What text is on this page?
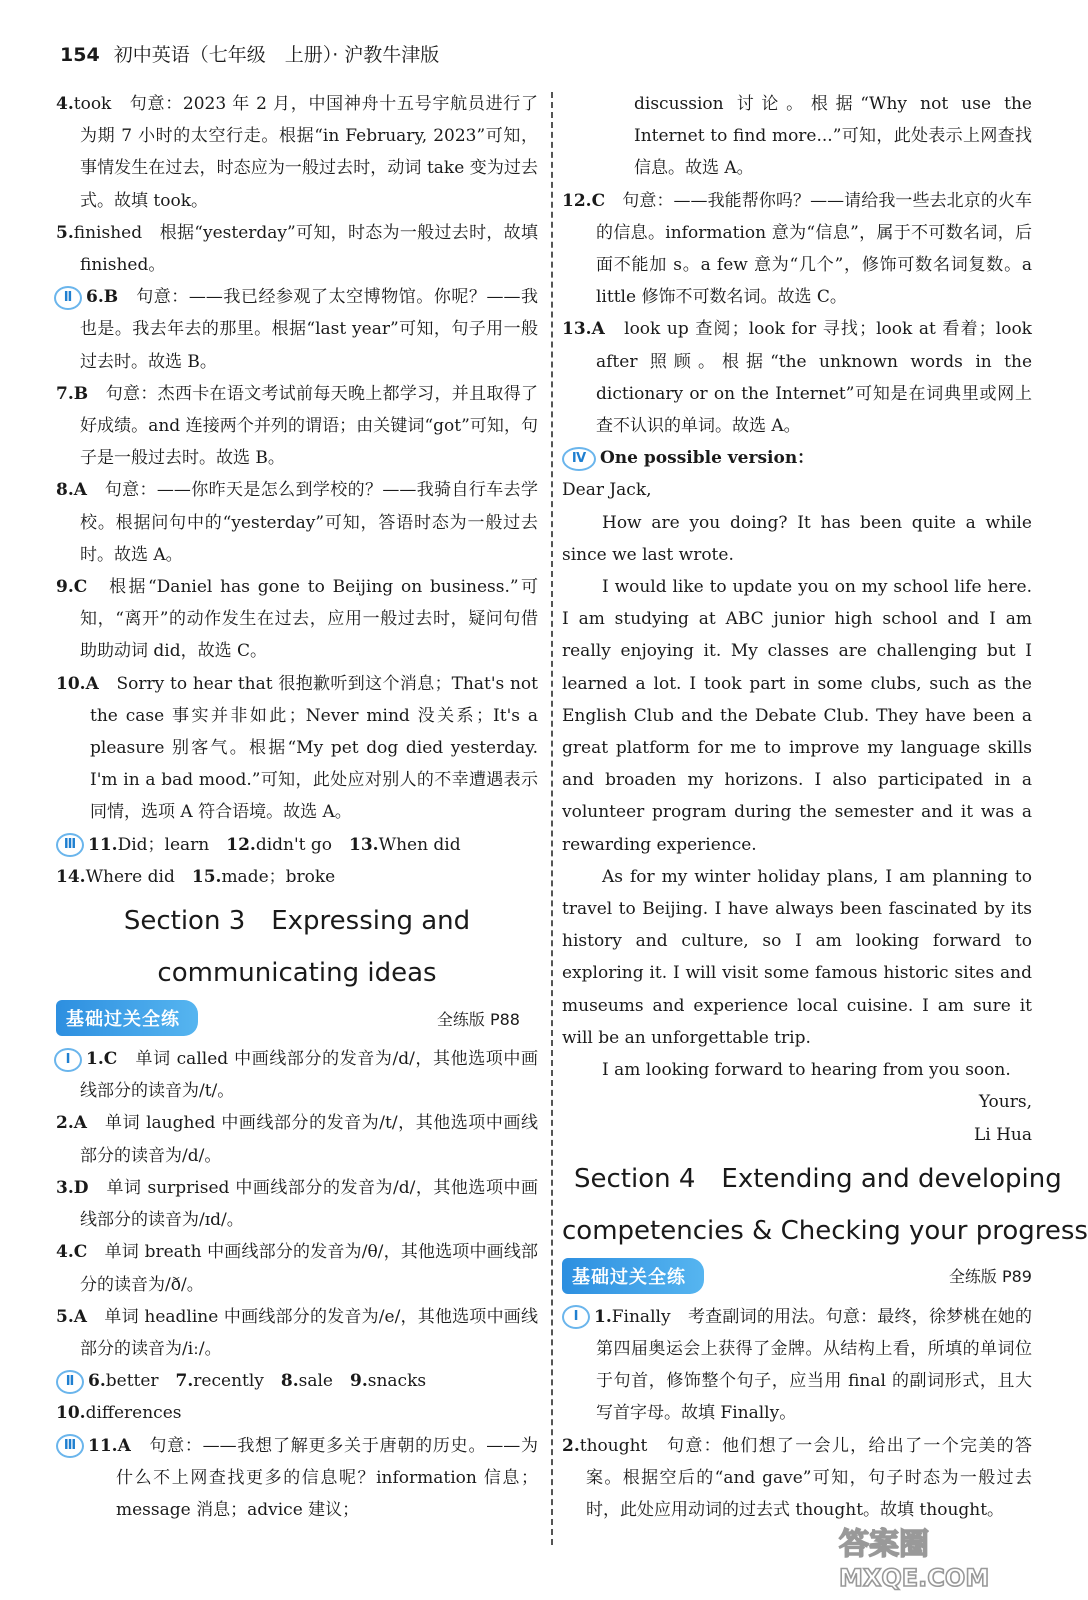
154 初中英语（七年级　上册）· 沪教牛津版

4.took　句意：2023 年 2 月，中国神舟十五号宇航员进行了为期 7 小时的太空行走。根据“in February, 2023”可知，事情发生在过去，时态应为一般过去时，动词 take 变为过去式。故填 took。

5.finished　根据“yesterday”可知，时态为一般过去时，故填 finished。

Ⅱ 6.B　句意：——我已经参观了太空博物馆。你呢？——我也是。我去年去的那里。根据“last year”可知，句子用一般过去时。故选 B。

7.B　句意：杰西卡在语文考试前每天晚上都学习，并且取得了好成绩。and 连接两个并列的谓语；由关键词“got”可知，句子是一般过去时。故选 B。

8.A　句意：——你昨天是怎么到学校的？——我骑自行车去学校。根据问句中的“yesterday”可知，答语时态为一般过去时。故选 A。

9.C　根据“Daniel has gone to Beijing on business.”可知，“离开”的动作发生在过去，应用一般过去时，疑问句借助助动词 did，故选 C。

10.A　Sorry to hear that 很抱歉听到这个消息；That's not the case 事实并非如此；Never mind 没关系；It's a pleasure 别客气。根据“My pet dog died yesterday. I'm in a bad mood.”可知，此处应对别人的不幸遭遇表示同情，选项 A 符合语境。故选 A。

Ⅲ 11.Did；learn　 12.didn't go　 13.When did

14.Where did　 15.made；broke

Section 3　Expressing and
communicating ideas
基础过关全练	全练版 P88

Ⅰ 1.C　单词 called 中画线部分的发音为/d/，其他选项中画线部分的读音为/t/。

2.A　单词 laughed 中画线部分的发音为/t/，其他选项中画线部分的读音为/d/。

3.D　单词 surprised 中画线部分的发音为/d/，其他选项中画线部分的读音为/ɪd/。

4.C　单词 breath 中画线部分的发音为/θ/，其他选项中画线部分的读音为/ð/。

5.A　单词 headline 中画线部分的发音为/e/，其他选项中画线部分的读音为/iː/。

Ⅱ 6.better　 7.recently　 8.sale　 9.snacks

10.differences

Ⅲ 11.A　句意：——我想了解更多关于唐朝的历史。——为什么不上网查找更多的信息呢？information 信息；message 消息；advice 建议；

discussion 讨论。根据“Why not use the Internet to find more...”可知，此处表示上网查找信息。故选 A。

12.C　句意：——我能帮你吗？——请给我一些去北京的火车的信息。information 意为“信息”，属于不可数名词，后面不能加 s。a few 意为“几个”，修饰可数名词复数。a little 修饰不可数名词。故选 C。

13.A　look up 查阅；look for 寻找；look at 看着；look after 照顾。根据“the unknown words in the dictionary or on the Internet”可知是在词典里或网上查不认识的单词。故选 A。

Ⅳ One possible version：

Dear Jack,

How are you doing? It has been quite a while since we last wrote.

I would like to update you on my school life here. I am studying at ABC junior high school and I am really enjoying it. My classes are challenging but I learned a lot. I took part in some clubs, such as the English Club and the Debate Club. They have been a great platform for me to improve my language skills and broaden my horizons. I also participated in a volunteer program during the semester and it was a rewarding experience.

As for my winter holiday plans, I am planning to travel to Beijing. I have always been fascinated by its history and culture, so I am looking forward to exploring it. I will visit some famous historic sites and museums and experience local cuisine. I am sure it will be an unforgettable trip.

I am looking forward to hearing from you soon.

Yours,

Li Hua

Section 4　Extending and developing
competencies & Checking your progress
基础过关全练	全练版 P89

Ⅰ 1.Finally　考查副词的用法。句意：最终，徐梦桃在她的第四届奥运会上获得了金牌。从结构上看，所填的单词位于句首，修饰整个句子，应当用 final 的副词形式，且大写首字母。故填 Finally。

2.thought　句意：他们想了一会儿，给出了一个完美的答案。根据空后的“and gave”可知，句子时态为一般过去时，此处应用动词的过去式 thought。故填 thought。

答案圈
MXQE.COM
